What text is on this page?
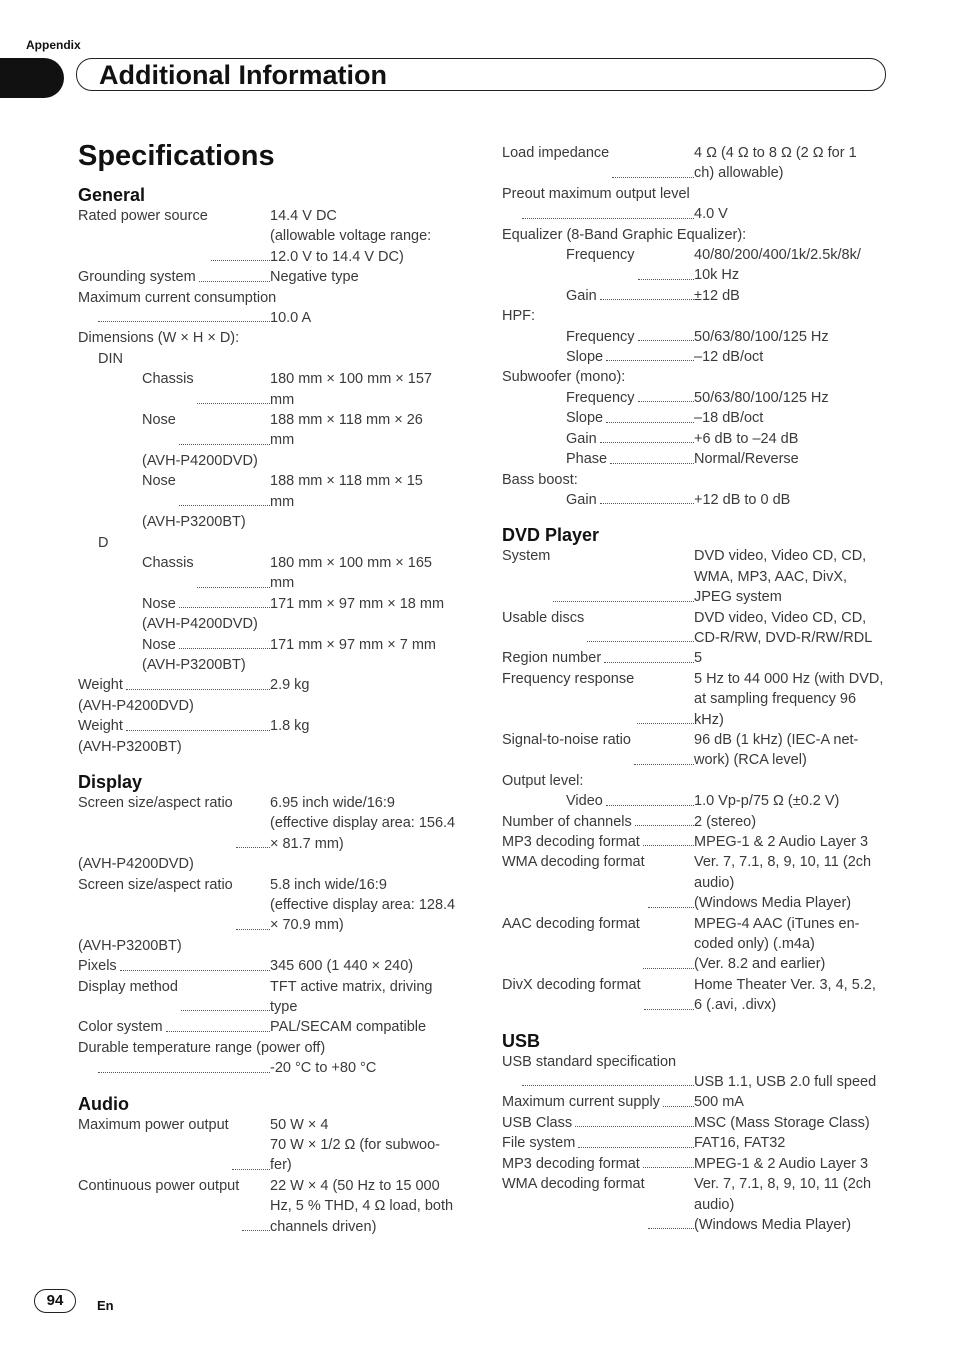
Appendix
Additional Information
Specifications
General
Rated power source	14.4 V DC
(allowable voltage range:
12.0 V to 14.4 V DC)
Grounding system	Negative type
Maximum current consumption
10.0 A
Dimensions (W × H × D):
DIN
Chassis	180 mm × 100 mm × 157
mm
Nose	188 mm × 118 mm × 26
mm
(AVH-P4200DVD)
Nose	188 mm × 118 mm × 15
mm
(AVH-P3200BT)
D
Chassis	180 mm × 100 mm × 165
mm
Nose	171 mm × 97 mm × 18 mm
(AVH-P4200DVD)
Nose	171 mm × 97 mm × 7 mm
(AVH-P3200BT)
Weight	2.9 kg
(AVH-P4200DVD)
Weight	1.8 kg
(AVH-P3200BT)
Display
Screen size/aspect ratio	6.95 inch wide/16:9
(effective display area: 156.4
× 81.7 mm)
(AVH-P4200DVD)
Screen size/aspect ratio	5.8 inch wide/16:9
(effective display area: 128.4
× 70.9 mm)
(AVH-P3200BT)
Pixels	345 600 (1 440 × 240)
Display method	TFT active matrix, driving
type
Color system	PAL/SECAM compatible
Durable temperature range (power off)
-20 °C to +80 °C
Audio
Maximum power output	50 W × 4
70 W × 1/2 Ω (for subwoo-
fer)
Continuous power output 22 W × 4 (50 Hz to 15 000
Hz, 5 % THD, 4 Ω load, both
channels driven)
Load impedance	4 Ω (4 Ω to 8 Ω (2 Ω for 1
ch) allowable)
Preout maximum output level
4.0 V
Equalizer (8-Band Graphic Equalizer):
Frequency	40/80/200/400/1k/2.5k/8k/
10k Hz
Gain	±12 dB
HPF:
Frequency	50/63/80/100/125 Hz
Slope	–12 dB/oct
Subwoofer (mono):
Frequency	50/63/80/100/125 Hz
Slope	–18 dB/oct
Gain	+6 dB to –24 dB
Phase	Normal/Reverse
Bass boost:
Gain	+12 dB to 0 dB
DVD Player
System	DVD video, Video CD, CD,
WMA, MP3, AAC, DivX,
JPEG system
Usable discs	DVD video, Video CD, CD,
CD-R/RW, DVD-R/RW/RDL
Region number	5
Frequency response	5 Hz to 44 000 Hz (with DVD,
at sampling frequency 96
kHz)
Signal-to-noise ratio	96 dB (1 kHz) (IEC-A net-
work) (RCA level)
Output level:
Video	1.0 Vp-p/75 Ω (±0.2 V)
Number of channels	2 (stereo)
MP3 decoding format	MPEG-1 & 2 Audio Layer 3
WMA decoding format	Ver. 7, 7.1, 8, 9, 10, 11 (2ch
audio)
(Windows Media Player)
AAC decoding format	MPEG-4 AAC (iTunes en-
coded only) (.m4a)
(Ver. 8.2 and earlier)
DivX decoding format	Home Theater Ver. 3, 4, 5.2,
6 (.avi, .divx)
USB
USB standard specification
USB 1.1, USB 2.0 full speed
Maximum current supply 500 mA
USB Class	MSC (Mass Storage Class)
File system	FAT16, FAT32
MP3 decoding format	MPEG-1 & 2 Audio Layer 3
WMA decoding format	Ver. 7, 7.1, 8, 9, 10, 11 (2ch
audio)
(Windows Media Player)
94	En
